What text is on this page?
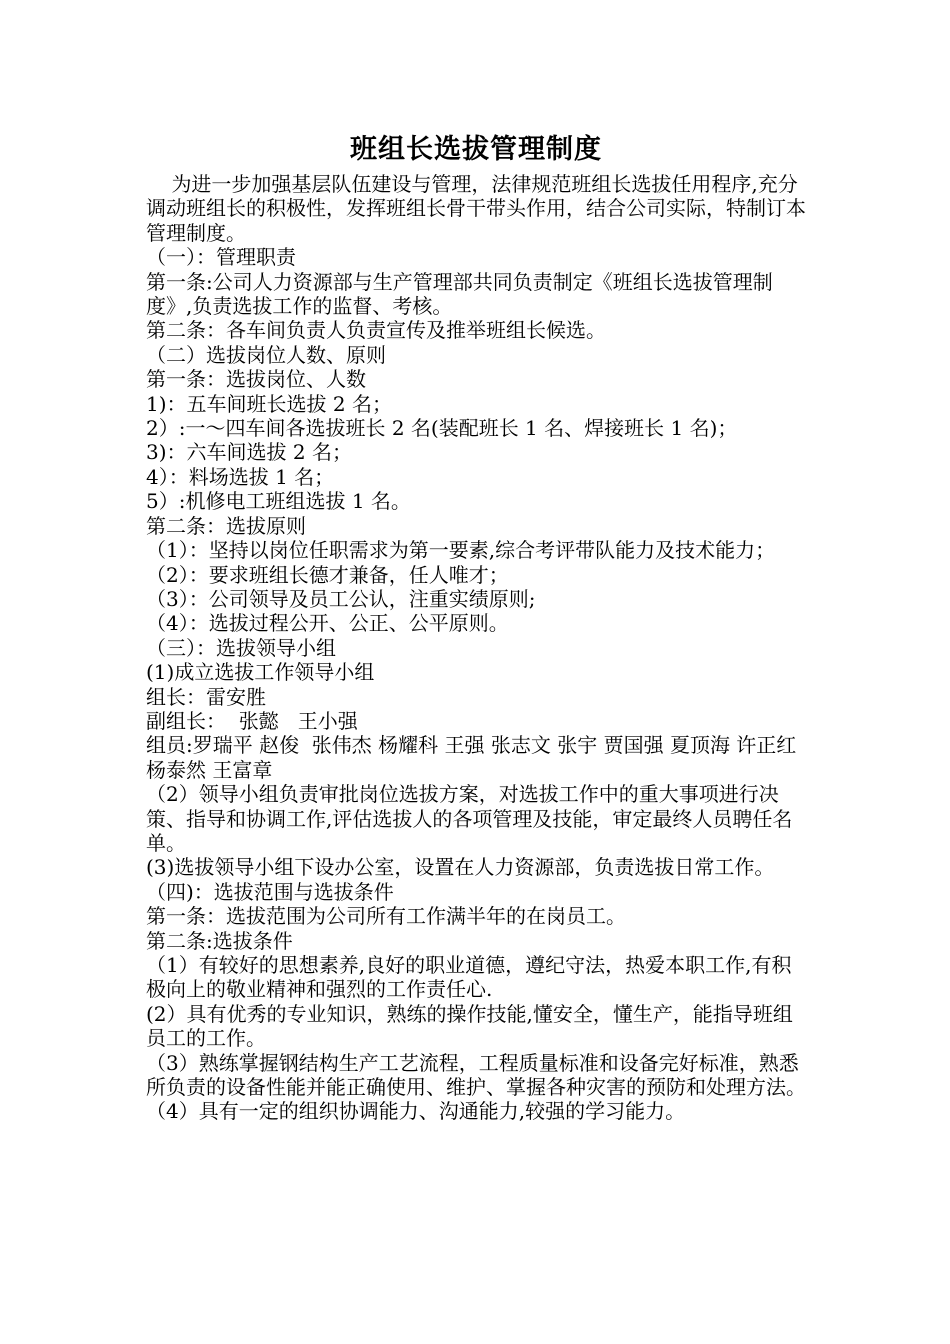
班组长选拔管理制度

为进一步加强基层队伍建设与管理，法律规范班组长选拔任用程序,充分调动班组长的积极性，发挥班组长骨干带头作用，结合公司实际，特制订本管理制度。

（一）：管理职责

第一条:公司人力资源部与生产管理部共同负责制定《班组长选拔管理制度》,负责选拔工作的监督、考核。

第二条：各车间负责人负责宣传及推举班组长候选。

（二）选拔岗位人数、原则

第一条：选拔岗位、人数

1)：五车间班长选拔 2 名；

2）:一～四车间各选拔班长 2 名(装配班长 1 名、焊接班长 1 名)；

3)：六车间选拔 2 名；

4）：料场选拔 1 名；

5）:机修电工班组选拔 1 名。

第二条：选拔原则

（1）：坚持以岗位任职需求为第一要素,综合考评带队能力及技术能力；

（2）：要求班组长德才兼备，任人唯才；

（3）：公司领导及员工公认，注重实绩原则;

（4）：选拔过程公开、公正、公平原则。

（三）：选拔领导小组

(1)成立选拔工作领导小组

组长：雷安胜

副组长：  张懿   王小强

组员:罗瑞平 赵俊  张伟杰 杨耀科 王强 张志文 张宇 贾国强 夏顶海 许正红 杨泰然 王富章

（2）领导小组负责审批岗位选拔方案，对选拔工作中的重大事项进行决策、指导和协调工作,评估选拔人的各项管理及技能，审定最终人员聘任名单。

(3)选拔领导小组下设办公室，设置在人力资源部，负责选拔日常工作。

（四)：选拔范围与选拔条件

第一条：选拔范围为公司所有工作满半年的在岗员工。

第二条:选拔条件

（1）有较好的思想素养,良好的职业道德，遵纪守法，热爱本职工作,有积极向上的敬业精神和强烈的工作责任心.

(2）具有优秀的专业知识，熟练的操作技能,懂安全，懂生产，能指导班组员工的工作。

（3）熟练掌握钢结构生产工艺流程，工程质量标准和设备完好标准，熟悉所负责的设备性能并能正确使用、维护、掌握各种灾害的预防和处理方法。

（4）具有一定的组织协调能力、沟通能力,较强的学习能力。
